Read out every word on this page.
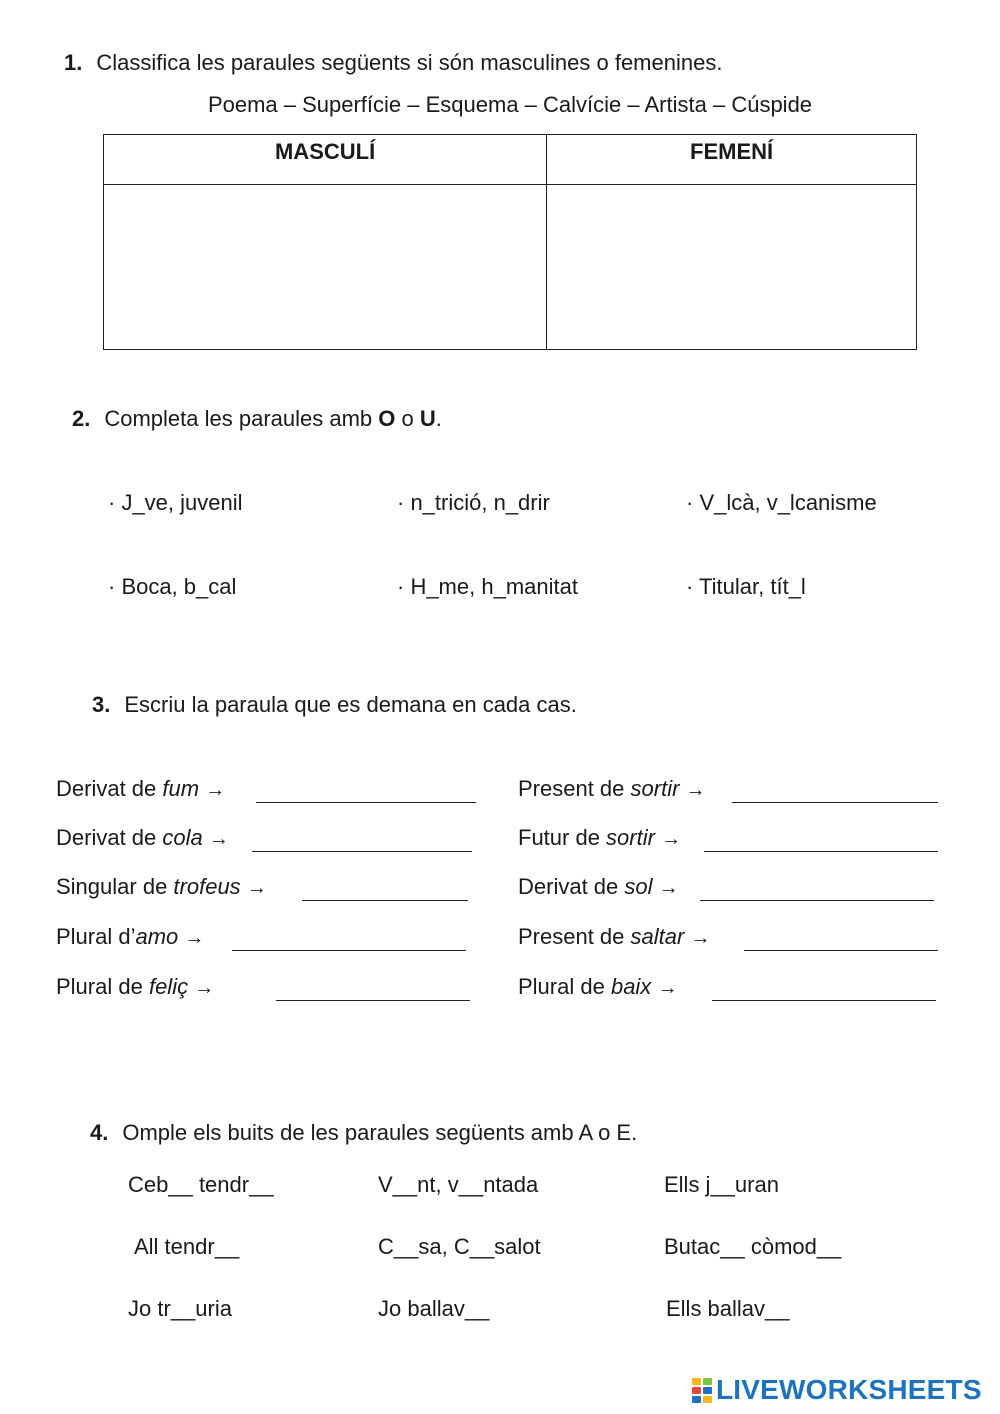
1. Classifica les paraules següents si són masculines o femenines.
Poema – Superfície – Esquema – Calvície – Artista – Cúspide
MASCULÍ	FEMENÍ

2. Completa les paraules amb O o U.
· J_ve, juvenil	· n_trició, n_drir	· V_lcà, v_lcanisme
· Boca, b_cal	· H_me, h_manitat	· Titular, tít_l
3. Escriu la paraula que es demana en cada cas.
Derivat de fum →
Derivat de cola →
Singular de trofeus →
Plural d’amo →
Plural de feliç →
Present de sortir →
Futur de sortir →
Derivat de sol →
Present de saltar →
Plural de baix →
4. Omple els buits de les paraules següents amb A o E.
Ceb__ tendr__	V__nt, v__ntada	Ells j__uran
All tendr__	C__sa, C__salot	Butac__ còmod__
Jo tr__uria	Jo ballav__	Ells ballav__
LIVEWORKSHEETS
